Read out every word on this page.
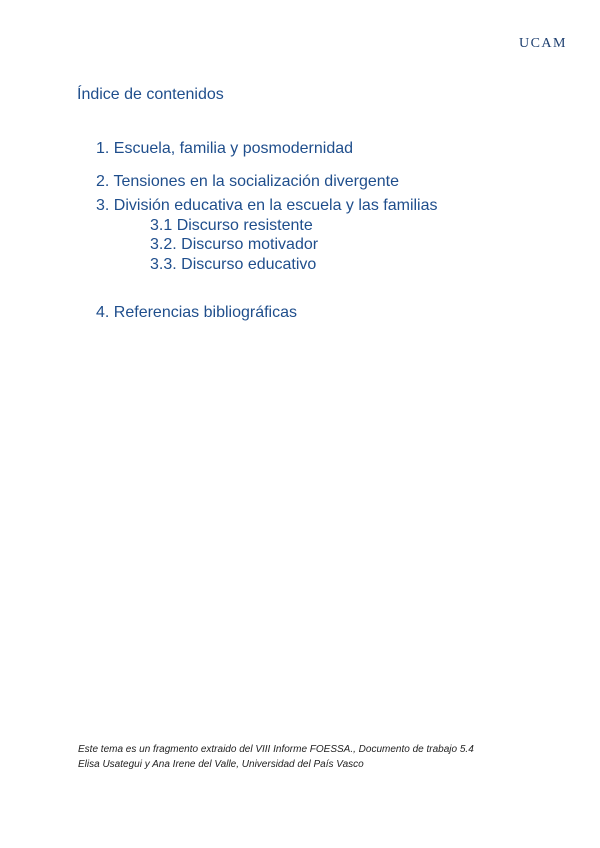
UCAM
Índice de contenidos
1. Escuela, familia y posmodernidad
2. Tensiones en la socialización divergente
3. División educativa en la escuela y las familias
3.1 Discurso resistente
3.2. Discurso motivador
3.3. Discurso educativo
4. Referencias bibliográficas
Este tema es un fragmento extraido del VIII Informe FOESSA., Documento de trabajo 5.4
Elisa Usategui y Ana Irene del Valle, Universidad del País Vasco
